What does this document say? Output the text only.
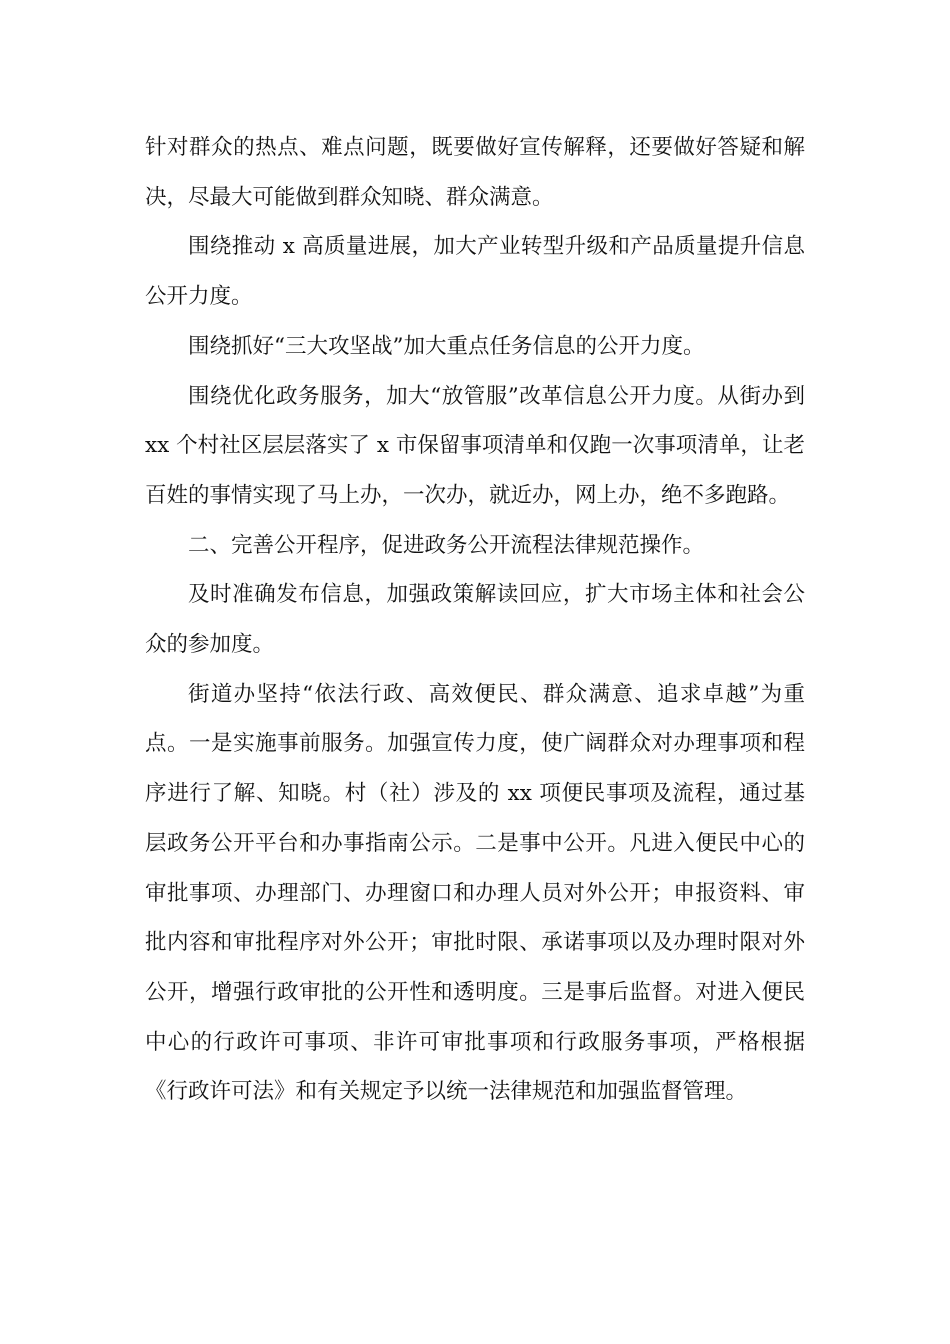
针对群众的热点、难点问题，既要做好宣传解释，还要做好答疑和解决，尽最大可能做到群众知晓、群众满意。

围绕推动 x 高质量进展，加大产业转型升级和产品质量提升信息公开力度。

围绕抓好“三大攻坚战”加大重点任务信息的公开力度。

围绕优化政务服务，加大“放管服”改革信息公开力度。从街办到 xx 个村社区层层落实了 x 市保留事项清单和仅跑一次事项清单，让老百姓的事情实现了马上办，一次办，就近办，网上办，绝不多跑路。

二、完善公开程序，促进政务公开流程法律规范操作。

及时准确发布信息，加强政策解读回应，扩大市场主体和社会公众的参加度。

街道办坚持“依法行政、高效便民、群众满意、追求卓越”为重点。一是实施事前服务。加强宣传力度，使广阔群众对办理事项和程序进行了解、知晓。村（社）涉及的 xx 项便民事项及流程，通过基层政务公开平台和办事指南公示。二是事中公开。凡进入便民中心的审批事项、办理部门、办理窗口和办理人员对外公开；申报资料、审批内容和审批程序对外公开；审批时限、承诺事项以及办理时限对外公开，增强行政审批的公开性和透明度。三是事后监督。对进入便民中心的行政许可事项、非许可审批事项和行政服务事项，严格根据《行政许可法》和有关规定予以统一法律规范和加强监督管理。
